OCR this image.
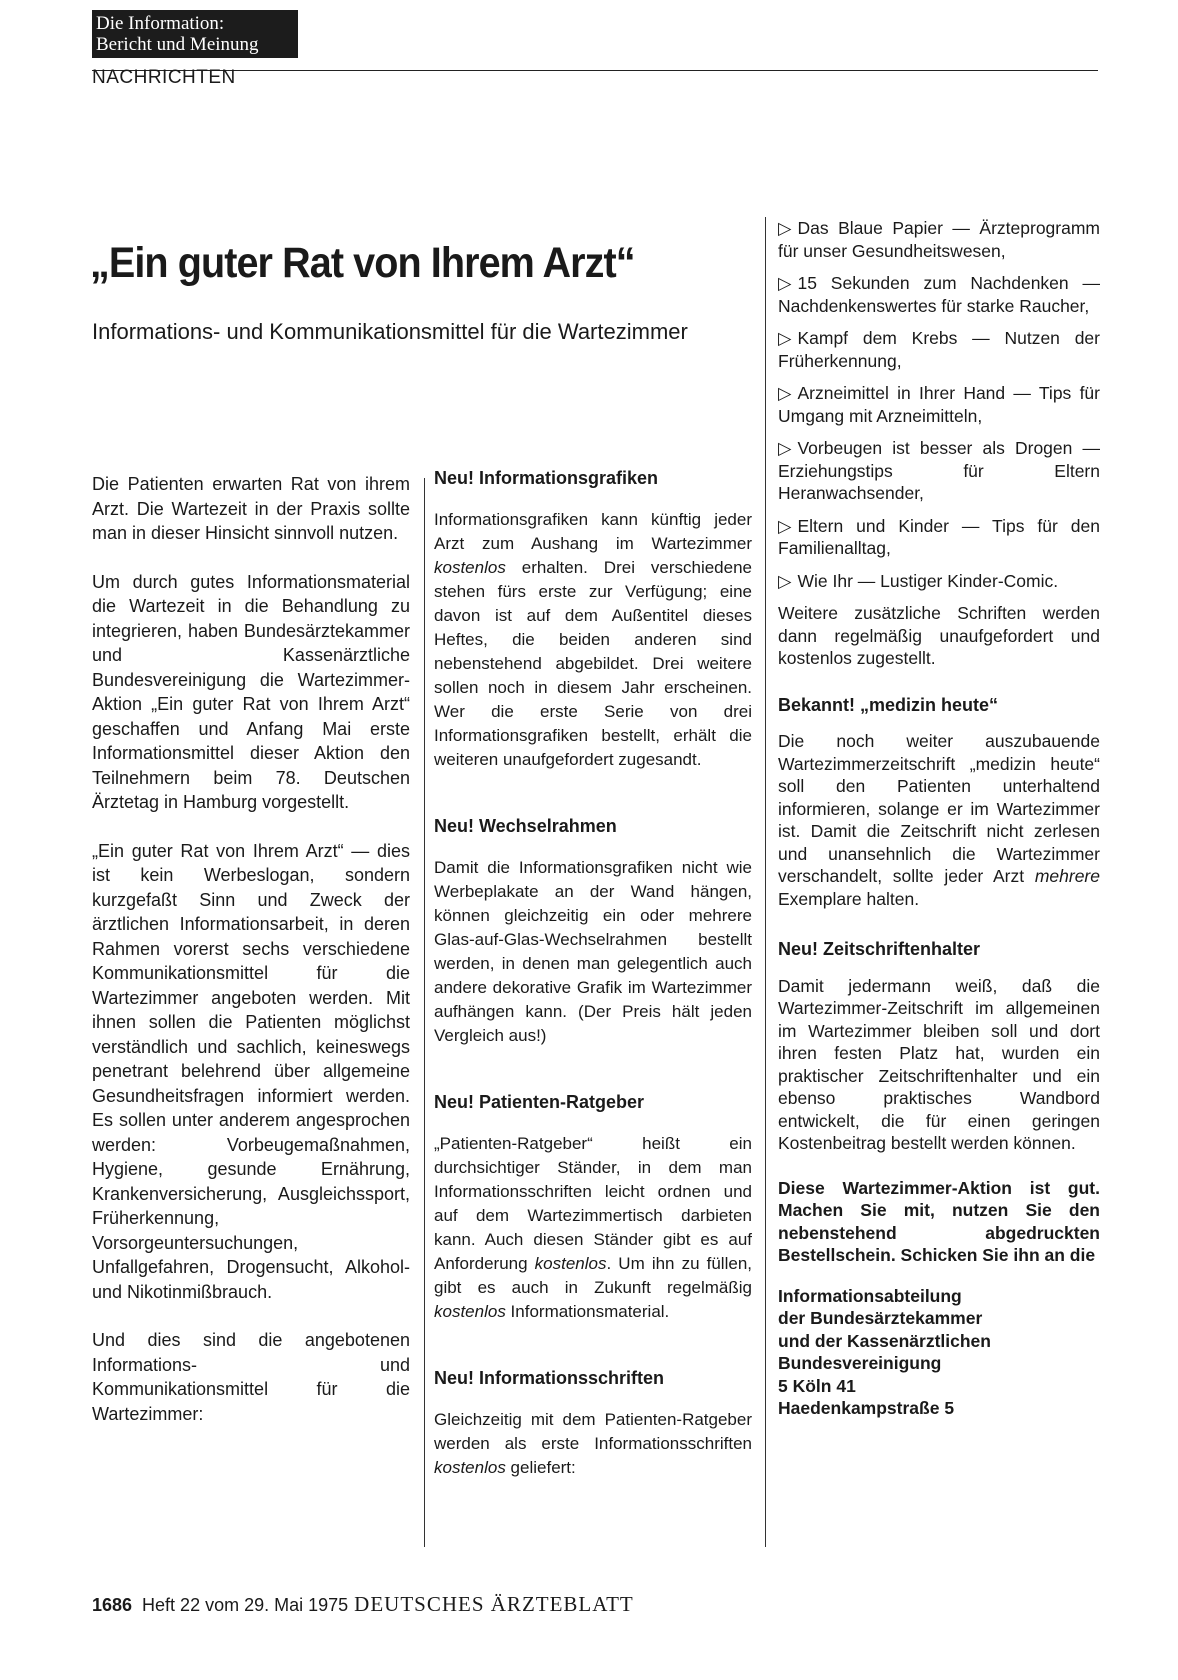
Die Information:
Bericht und Meinung
NACHRICHTEN
„Ein guter Rat von Ihrem Arzt“
Informations- und Kommunikationsmittel für die Wartezimmer

Die Patienten erwarten Rat von ihrem Arzt. Die Wartezeit in der Praxis sollte man in dieser Hinsicht sinnvoll nutzen.

Um durch gutes Informationsmaterial die Wartezeit in die Behandlung zu integrieren, haben Bundesärztekammer und Kassenärztliche Bundesvereinigung die Wartezimmer-Aktion „Ein guter Rat von Ihrem Arzt“ geschaffen und Anfang Mai erste Informationsmittel dieser Aktion den Teilnehmern beim 78. Deutschen Ärztetag in Hamburg vorgestellt.

„Ein guter Rat von Ihrem Arzt“ — dies ist kein Werbeslogan, sondern kurzgefaßt Sinn und Zweck der ärztlichen Informationsarbeit, in deren Rahmen vorerst sechs verschiedene Kommunikationsmittel für die Wartezimmer angeboten werden. Mit ihnen sollen die Patienten möglichst verständlich und sachlich, keineswegs penetrant belehrend über allgemeine Gesundheitsfragen informiert werden. Es sollen unter anderem angesprochen werden: Vorbeugemaßnahmen, Hygiene, gesunde Ernährung, Krankenversicherung, Ausgleichssport, Früherkennung, Vorsorgeuntersuchungen, Unfallgefahren, Drogensucht, Alkohol- und Nikotinmißbrauch.

Und dies sind die angebotenen Informations- und Kommunikationsmittel für die Wartezimmer:

Neu! Informationsgrafiken

Informationsgrafiken kann künftig jeder Arzt zum Aushang im Wartezimmer kostenlos erhalten. Drei verschiedene stehen fürs erste zur Verfügung; eine davon ist auf dem Außentitel dieses Heftes, die beiden anderen sind nebenstehend abgebildet. Drei weitere sollen noch in diesem Jahr erscheinen. Wer die erste Serie von drei Informationsgrafiken bestellt, erhält die weiteren unaufgefordert zugesandt.

Neu! Wechselrahmen

Damit die Informationsgrafiken nicht wie Werbeplakate an der Wand hängen, können gleichzeitig ein oder mehrere Glas-auf-Glas-Wechselrahmen bestellt werden, in denen man gelegentlich auch andere dekorative Grafik im Wartezimmer aufhängen kann. (Der Preis hält jeden Vergleich aus!)

Neu! Patienten-Ratgeber

„Patienten-Ratgeber“ heißt ein durchsichtiger Ständer, in dem man Informationsschriften leicht ordnen und auf dem Wartezimmertisch darbieten kann. Auch diesen Ständer gibt es auf Anforderung kostenlos. Um ihn zu füllen, gibt es auch in Zukunft regelmäßig kostenlos Informationsmaterial.

Neu! Informationsschriften

Gleichzeitig mit dem Patienten-Ratgeber werden als erste Informationsschriften kostenlos geliefert:

▷ Das Blaue Papier — Ärzteprogramm für unser Gesundheitswesen,

▷ 15 Sekunden zum Nachdenken — Nachdenkenswertes für starke Raucher,

▷ Kampf dem Krebs — Nutzen der Früherkennung,

▷ Arzneimittel in Ihrer Hand — Tips für Umgang mit Arzneimitteln,

▷ Vorbeugen ist besser als Drogen — Erziehungstips für Eltern Heranwachsender,

▷ Eltern und Kinder — Tips für den Familienalltag,

▷ Wie Ihr — Lustiger Kinder-Comic.

Weitere zusätzliche Schriften werden dann regelmäßig unaufgefordert und kostenlos zugestellt.

Bekannt! „medizin heute“

Die noch weiter auszubauende Wartezimmerzeitschrift „medizin heute“ soll den Patienten unterhaltend informieren, solange er im Wartezimmer ist. Damit die Zeitschrift nicht zerlesen und unansehnlich die Wartezimmer verschandelt, sollte jeder Arzt mehrere Exemplare halten.

Neu! Zeitschriftenhalter

Damit jedermann weiß, daß die Wartezimmer-Zeitschrift im allgemeinen im Wartezimmer bleiben soll und dort ihren festen Platz hat, wurden ein praktischer Zeitschriftenhalter und ein ebenso praktisches Wandbord entwickelt, die für einen geringen Kostenbeitrag bestellt werden können.

Diese Wartezimmer-Aktion ist gut. Machen Sie mit, nutzen Sie den nebenstehend abgedruckten Bestellschein. Schicken Sie ihn an die

Informationsabteilung
der Bundesärztekammer
und der Kassenärztlichen
Bundesvereinigung
5 Köln 41
Haedenkampstraße 5

1686 Heft 22 vom 29. Mai 1975 DEUTSCHES ÄRZTEBLATT
